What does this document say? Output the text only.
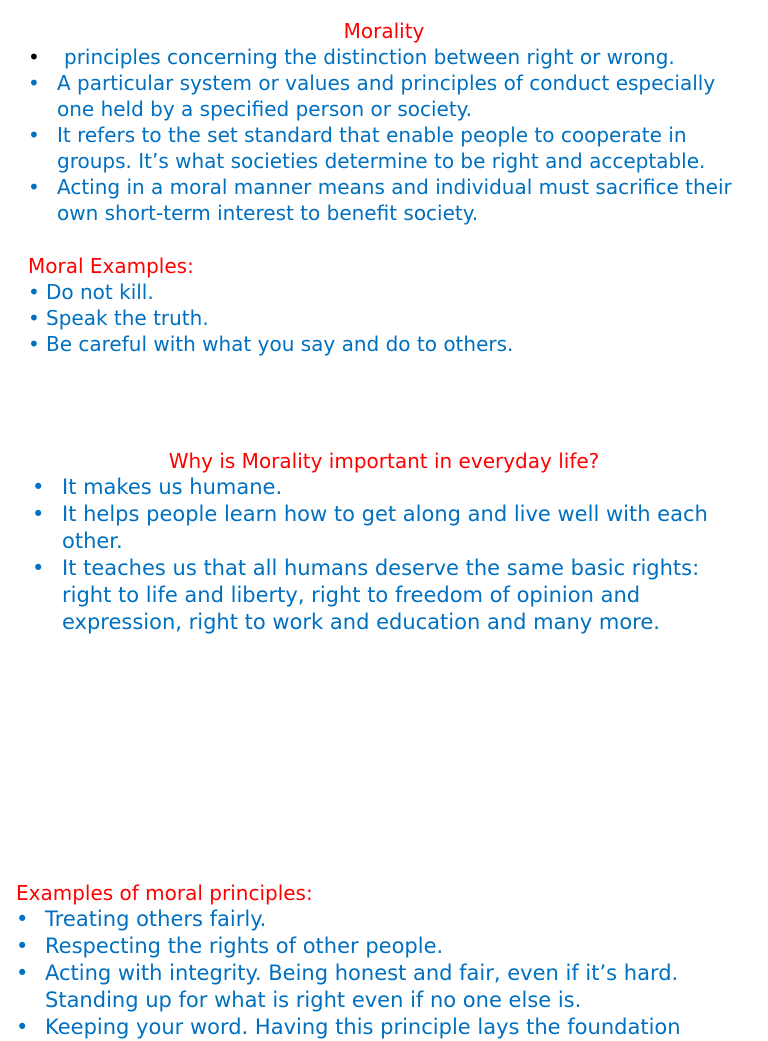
Morality
• principles concerning the distinction between right or wrong.
• A particular system or values and principles of conduct especially one held by a specified person or society.
• It refers to the set standard that enable people to cooperate in groups. It’s what societies determine to be right and acceptable.
• Acting in a moral manner means and individual must sacrifice their own short-term interest to benefit society.
Moral Examples:
• Do not kill.
• Speak the truth.
• Be careful with what you say and do to others.
Why is Morality important in everyday life?
• It makes us humane.
• It helps people learn how to get along and live well with each other.
• It teaches us that all humans deserve the same basic rights: right to life and liberty, right to freedom of opinion and expression, right to work and education and many more.
Examples of moral principles:
• Treating others fairly.
• Respecting the rights of other people.
• Acting with integrity. Being honest and fair, even if it’s hard. Standing up for what is right even if no one else is.
• Keeping your word. Having this principle lays the foundation
